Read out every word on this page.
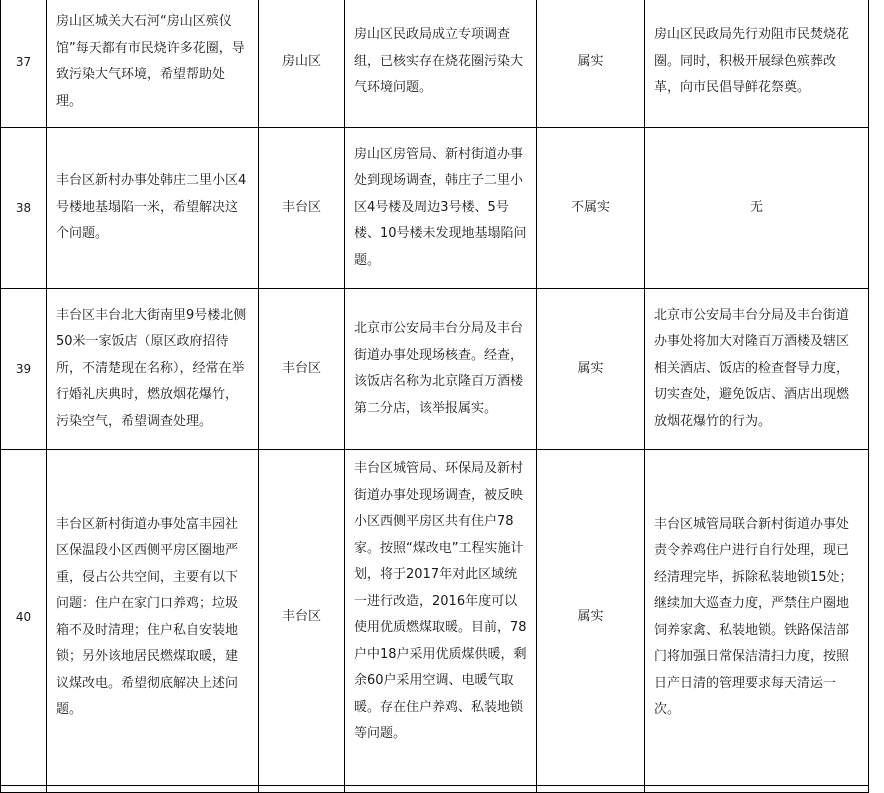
37	房山区城关大石河“房山区殡仪馆”每天都有市民烧许多花圈，导致污染大气环境，希望帮助处理。	房山区	房山区民政局成立专项调查组，已核实存在烧花圈污染大气环境问题。	属实	房山区民政局先行劝阻市民焚烧花圈。同时，积极开展绿色殡葬改革，向市民倡导鲜花祭奠。
38	丰台区新村办事处韩庄二里小区4号楼地基塌陷一米，希望解决这个问题。	丰台区	房山区房管局、新村街道办事处到现场调查，韩庄子二里小区4号楼及周边3号楼、5号楼、10号楼未发现地基塌陷问题。	不属实	无
39	丰台区丰台北大街南里9号楼北侧50米一家饭店（原区政府招待所，不清楚现在名称），经常在举行婚礼庆典时，燃放烟花爆竹，污染空气，希望调查处理。	丰台区	北京市公安局丰台分局及丰台街道办事处现场核查。经查，该饭店名称为北京隆百万酒楼第二分店，该举报属实。	属实	北京市公安局丰台分局及丰台街道办事处将加大对隆百万酒楼及辖区相关酒店、饭店的检查督导力度，切实查处，避免饭店、酒店出现燃放烟花爆竹的行为。
40	丰台区新村街道办事处富丰园社区保温段小区西侧平房区圈地严重，侵占公共空间，主要有以下问题：住户在家门口养鸡；垃圾箱不及时清理；住户私自安装地锁；另外该地居民燃煤取暖，建议煤改电。希望彻底解决上述问题。	丰台区	丰台区城管局、环保局及新村街道办事处现场调查，被反映小区西侧平房区共有住户78家。按照“煤改电”工程实施计划，将于2017年对此区域统一进行改造，2016年度可以使用优质燃煤取暖。目前，78户中18户采用优质煤供暖，剩余60户采用空调、电暖气取暖。存在住户养鸡、私装地锁等问题。	属实	丰台区城管局联合新村街道办事处责令养鸡住户进行自行处理，现已经清理完毕，拆除私装地锁15处；继续加大巡查力度，严禁住户圈地饲养家禽、私装地锁。铁路保洁部门将加强日常保洁清扫力度，按照日产日清的管理要求每天清运一次。
